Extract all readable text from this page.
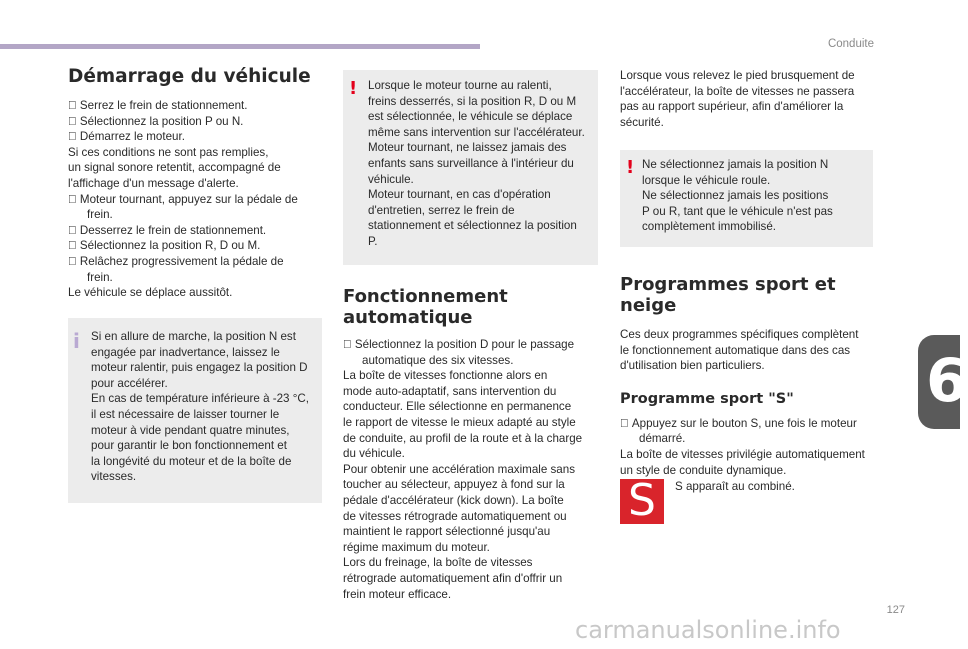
Conduite
127
6
Démarrage du véhicule
Serrez le frein de stationnement.
Sélectionnez la position P ou N.
Démarrez le moteur.
Si ces conditions ne sont pas remplies,
un signal sonore retentit, accompagné de
l'affichage d'un message d'alerte.
Moteur tournant, appuyez sur la pédale de
frein.
Desserrez le frein de stationnement.
Sélectionnez la position R, D ou M.
Relâchez progressivement la pédale de
frein.
Le véhicule se déplace aussitôt.
i Si en allure de marche, la position N est
engagée par inadvertance, laissez le
moteur ralentir, puis engagez la position D
pour accélérer.
En cas de température inférieure à -23 °C,
il est nécessaire de laisser tourner le
moteur à vide pendant quatre minutes,
pour garantir le bon fonctionnement et
la longévité du moteur et de la boîte de
vitesses.
! Lorsque le moteur tourne au ralenti,
freins desserrés, si la position R, D ou M
est sélectionnée, le véhicule se déplace
même sans intervention sur l'accélérateur.
Moteur tournant, ne laissez jamais des
enfants sans surveillance à l'intérieur du
véhicule.
Moteur tournant, en cas d'opération
d'entretien, serrez le frein de
stationnement et sélectionnez la position
P.
Fonctionnement
automatique
Sélectionnez la position D pour le passage
automatique des six vitesses.
La boîte de vitesses fonctionne alors en
mode auto-adaptatif, sans intervention du
conducteur. Elle sélectionne en permanence
le rapport de vitesse le mieux adapté au style
de conduite, au profil de la route et à la charge
du véhicule.
Pour obtenir une accélération maximale sans
toucher au sélecteur, appuyez à fond sur la
pédale d'accélérateur (kick down). La boîte
de vitesses rétrograde automatiquement ou
maintient le rapport sélectionné jusqu'au
régime maximum du moteur.
Lors du freinage, la boîte de vitesses
rétrograde automatiquement afin d'offrir un
frein moteur efficace.
Lorsque vous relevez le pied brusquement de
l'accélérateur, la boîte de vitesses ne passera
pas au rapport supérieur, afin d'améliorer la
sécurité.
! Ne sélectionnez jamais la position N
lorsque le véhicule roule.
Ne sélectionnez jamais les positions
P ou R, tant que le véhicule n'est pas
complètement immobilisé.
Programmes sport et neige
Ces deux programmes spécifiques complètent
le fonctionnement automatique dans des cas
d'utilisation bien particuliers.
Programme sport "S"
Appuyez sur le bouton S, une fois le moteur
démarré.
La boîte de vitesses privilégie automatiquement
un style de conduite dynamique.
S	S apparaît au combiné.
carmanualsonline.info
